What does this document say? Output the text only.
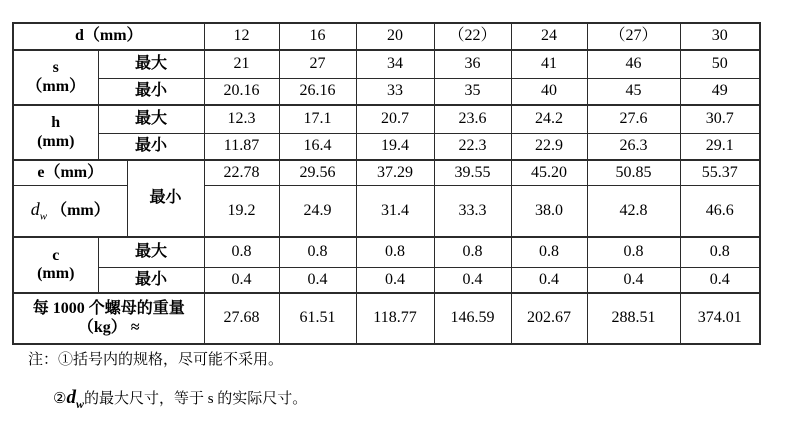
d（mm）			12	16	20	（22）	24	（27）	30

s
（mm）	最大		21	27	34	36	41	46	50
	最小		20.16	26.16	33	35	40	45	49

h
(mm)	最大		12.3	17.1	20.7	23.6	24.2	27.6	30.7
	最小		11.87	16.4	19.4	22.3	22.9	26.3	29.1
e（mm）		最小	22.78	29.56	37.29	39.55	45.20	50.85	55.37
$d_w$ （mm）			19.2	24.9	31.4	33.3	38.0	42.8	46.6

c
(mm)	最大		0.8	0.8	0.8	0.8	0.8	0.8	0.8
	最小		0.4	0.4	0.4	0.4	0.4	0.4	0.4

每 1000 个螺母的重量
（kg） ≈			27.68	61.51	118.77	146.59	202.67	288.51	374.01
注：①括号内的规格，尽可能不采用。
$②d_w$的最大尺寸，等于 s 的实际尺寸。
